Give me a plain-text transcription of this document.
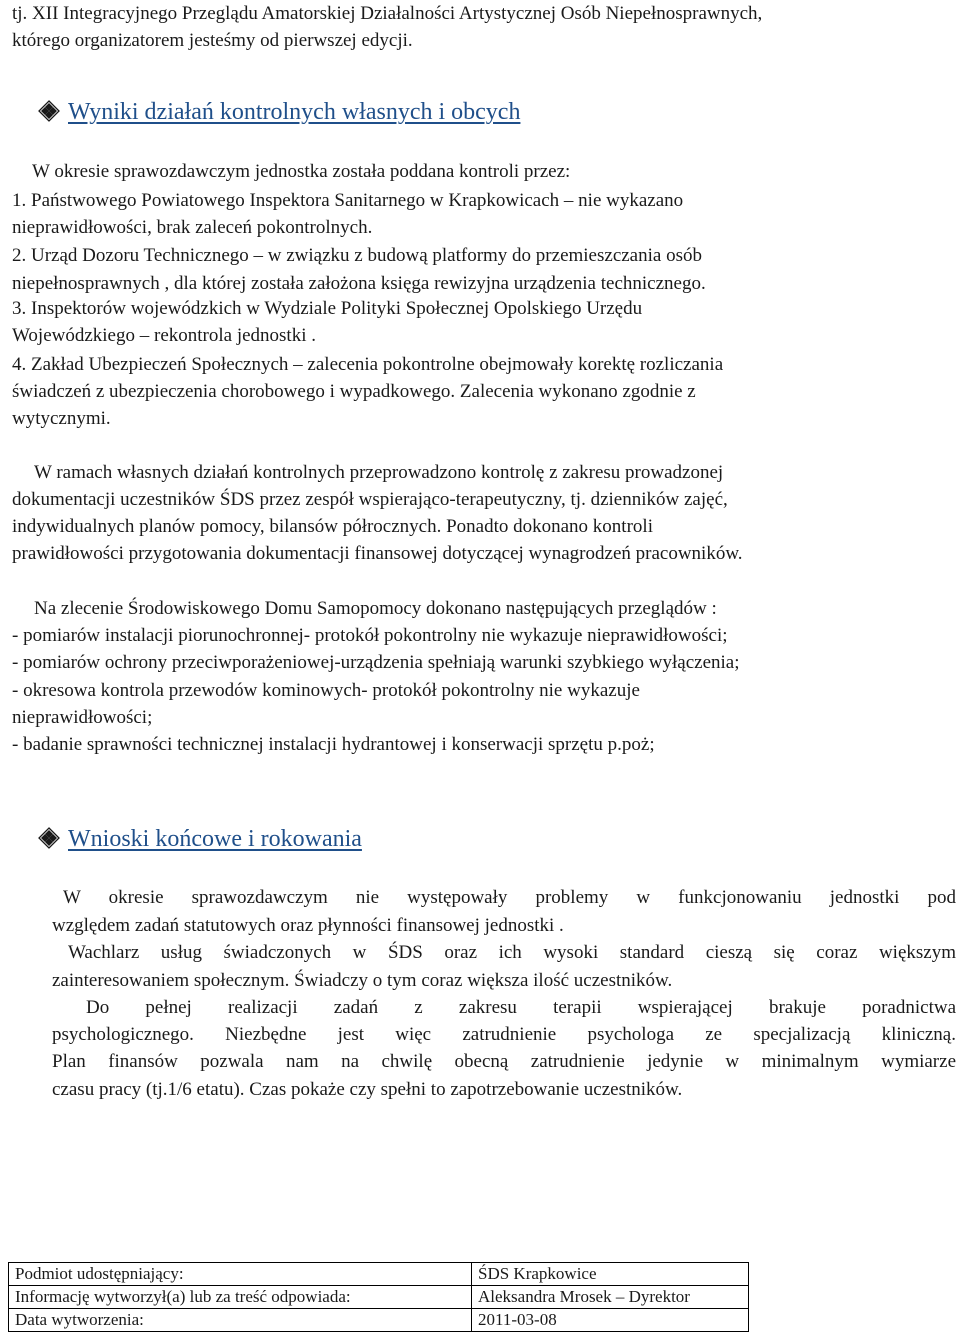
tj. XII Integracyjnego Przeglądu Amatorskiej Działalności Artystycznej Osób Niepełnosprawnych,
którego organizatorem jesteśmy od pierwszej edycji.
Wyniki działań kontrolnych własnych i obcych
W okresie sprawozdawczym jednostka została poddana kontroli przez:
1. Państwowego Powiatowego Inspektora Sanitarnego w Krapkowicach – nie wykazano
nieprawidłowości, brak zaleceń pokontrolnych.
2. Urząd Dozoru Technicznego – w związku z budową platformy do przemieszczania osób
niepełnosprawnych , dla której została założona księga rewizyjna urządzenia technicznego.
3. Inspektorów wojewódzkich w Wydziale Polityki Społecznej Opolskiego Urzędu
Wojewódzkiego – rekontrola jednostki .
4. Zakład Ubezpieczeń Społecznych – zalecenia pokontrolne obejmowały korektę rozliczania
świadczeń z ubezpieczenia chorobowego i wypadkowego. Zalecenia wykonano zgodnie z
wytycznymi.
W ramach własnych działań kontrolnych przeprowadzono kontrolę z zakresu prowadzonej
dokumentacji uczestników ŚDS przez zespół wspierająco-terapeutyczny, tj. dzienników zajęć,
indywidualnych planów pomocy, bilansów półrocznych. Ponadto dokonano kontroli
prawidłowości przygotowania dokumentacji finansowej dotyczącej wynagrodzeń pracowników.
Na zlecenie Środowiskowego Domu Samopomocy dokonano następujących przeglądów :
- pomiarów instalacji piorunochronnej- protokół pokontrolny nie wykazuje nieprawidłowości;
- pomiarów ochrony przeciwporażeniowej-urządzenia spełniają warunki szybkiego wyłączenia;
- okresowa kontrola przewodów kominowych- protokół pokontrolny nie wykazuje
nieprawidłowości;
- badanie sprawności technicznej instalacji hydrantowej i konserwacji sprzętu p.poż;
Wnioski końcowe i rokowania
W okresie sprawozdawczym nie występowały problemy w funkcjonowaniu jednostki pod
względem zadań statutowych oraz płynności finansowej jednostki .
Wachlarz usług świadczonych w ŚDS oraz ich wysoki standard cieszą się coraz większym
zainteresowaniem społecznym. Świadczy o tym coraz większa ilość uczestników.
Do pełnej realizacji zadań z zakresu terapii wspierającej brakuje poradnictwa
psychologicznego. Niezbędne jest więc zatrudnienie psychologa ze specjalizacją kliniczną.
Plan finansów pozwala nam na chwilę obecną zatrudnienie jedynie w minimalnym wymiarze
czasu pracy (tj.1/6 etatu). Czas pokaże czy spełni to zapotrzebowanie uczestników.
Podmiot udostępniający:	ŚDS Krapkowice
Informację wytworzył(a) lub za treść odpowiada:	Aleksandra Mrosek – Dyrektor
Data wytworzenia:	2011-03-08
